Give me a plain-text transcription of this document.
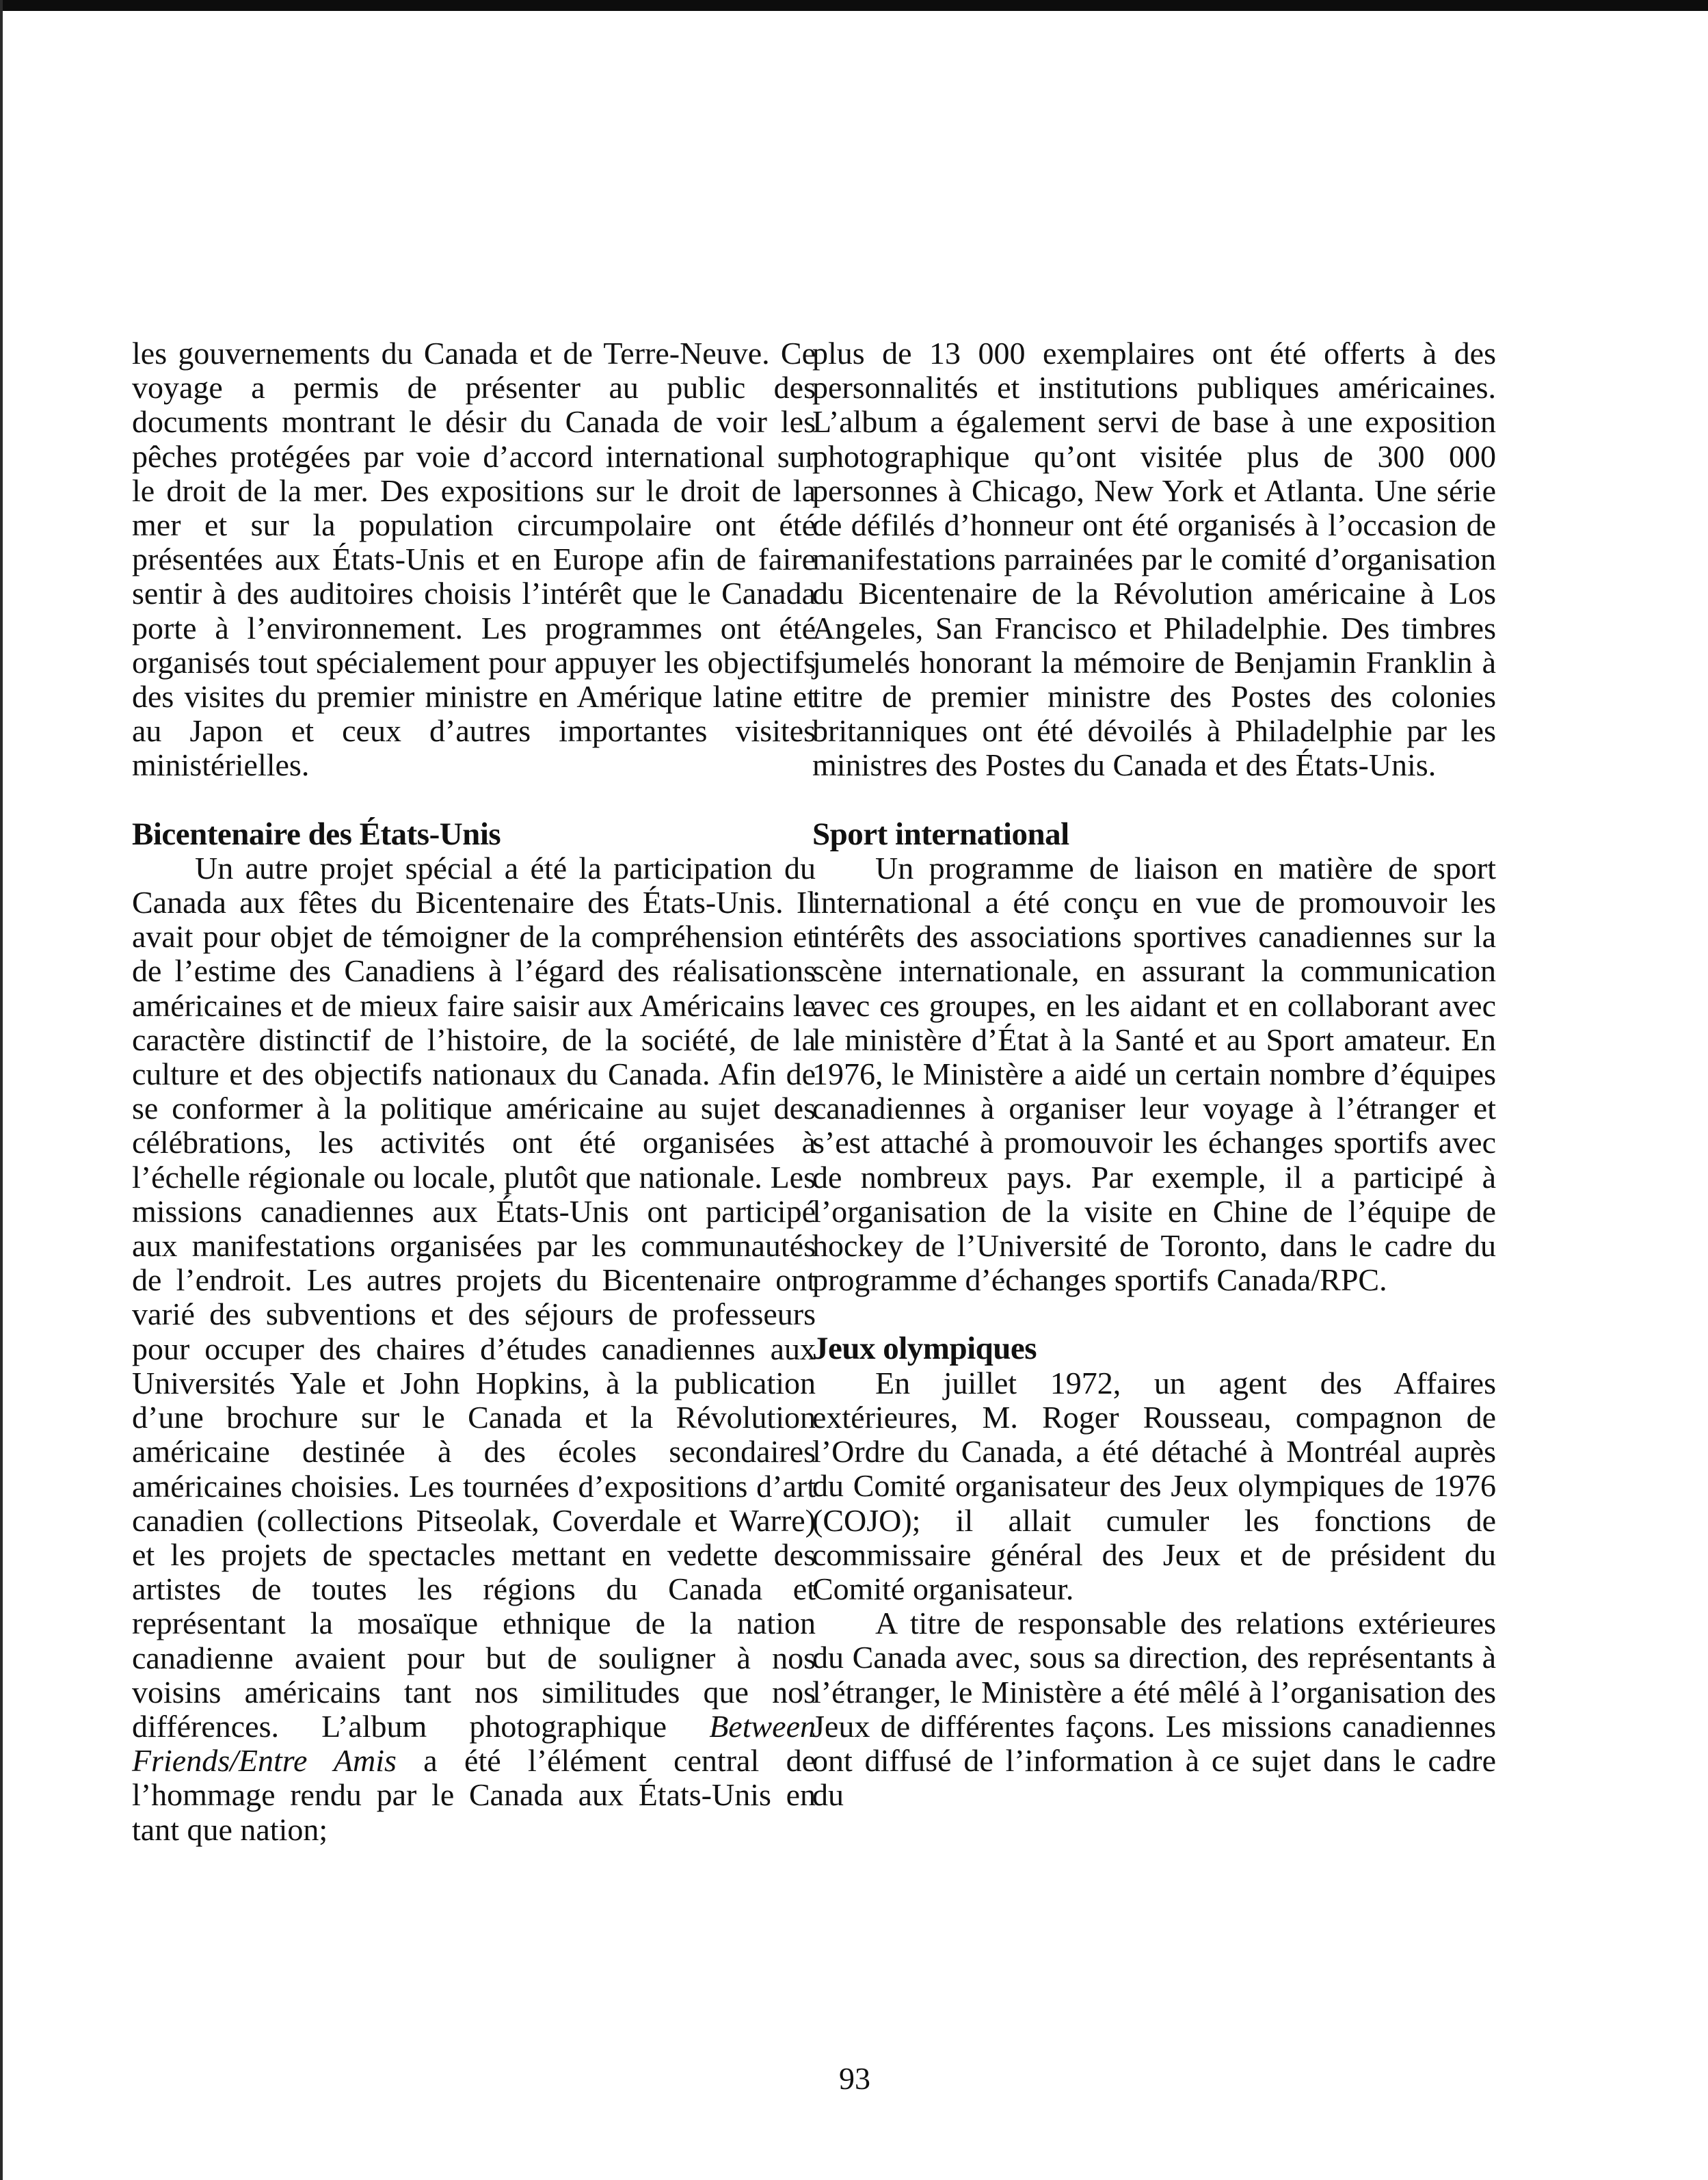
les gouvernements du Canada et de Terre-Neuve. Ce voyage a permis de présenter au public des documents montrant le désir du Canada de voir les pêches protégées par voie d’accord international sur le droit de la mer. Des expositions sur le droit de la mer et sur la population circumpolaire ont été présentées aux États-Unis et en Europe afin de faire sentir à des auditoires choisis l’intérêt que le Canada porte à l’environnement. Les programmes ont été organisés tout spécialement pour appuyer les objectifs des visites du premier ministre en Amérique latine et au Japon et ceux d’autres importantes visites ministérielles.

Bicentenaire des États-Unis

Un autre projet spécial a été la participation du Canada aux fêtes du Bicentenaire des États-Unis. Il avait pour objet de témoigner de la compréhension et de l’estime des Canadiens à l’égard des réalisations américaines et de mieux faire saisir aux Américains le caractère distinctif de l’histoire, de la société, de la culture et des objectifs nationaux du Canada. Afin de se conformer à la politique américaine au sujet des célébrations, les activités ont été organisées à l’échelle régionale ou locale, plutôt que nationale. Les missions canadiennes aux États-Unis ont participé aux manifestations organisées par les communautés de l’endroit. Les autres projets du Bicentenaire ont varié des subventions et des séjours de professeurs pour occuper des chaires d’études canadiennes aux Universités Yale et John Hopkins, à la publication d’une brochure sur le Canada et la Révolution américaine destinée à des écoles secondaires américaines choisies. Les tournées d’expositions d’art canadien (collections Pitseolak, Coverdale et Warre) et les projets de spectacles mettant en vedette des artistes de toutes les régions du Canada et représentant la mosaïque ethnique de la nation canadienne avaient pour but de souligner à nos voisins américains tant nos similitudes que nos différences. L’album photographique Between Friends/Entre Amis a été l’élément central de l’hommage rendu par le Canada aux États-Unis en tant que nation;

plus de 13 000 exemplaires ont été offerts à des personnalités et institutions publiques américaines. L’album a également servi de base à une exposition photographique qu’ont visitée plus de 300 000 personnes à Chicago, New York et Atlanta. Une série de défilés d’honneur ont été organisés à l’occasion de manifestations parrainées par le comité d’organisation du Bicentenaire de la Révolution américaine à Los Angeles, San Francisco et Philadelphie. Des timbres jumelés honorant la mémoire de Benjamin Franklin à titre de premier ministre des Postes des colonies britanniques ont été dévoilés à Philadelphie par les ministres des Postes du Canada et des États-Unis.

Sport international

Un programme de liaison en matière de sport international a été conçu en vue de promouvoir les intérêts des associations sportives canadiennes sur la scène internationale, en assurant la communication avec ces groupes, en les aidant et en collaborant avec le ministère d’État à la Santé et au Sport amateur. En 1976, le Ministère a aidé un certain nombre d’équipes canadiennes à organiser leur voyage à l’étranger et s’est attaché à promouvoir les échanges sportifs avec de nombreux pays. Par exemple, il a participé à l’organisation de la visite en Chine de l’équipe de hockey de l’Université de Toronto, dans le cadre du programme d’échanges sportifs Canada/RPC.

Jeux olympiques

En juillet 1972, un agent des Affaires extérieures, M. Roger Rousseau, compagnon de l’Ordre du Canada, a été détaché à Montréal auprès du Comité organisateur des Jeux olympiques de 1976 (COJO); il allait cumuler les fonctions de commissaire général des Jeux et de président du Comité organisateur.

A titre de responsable des relations extérieures du Canada avec, sous sa direction, des représentants à l’étranger, le Ministère a été mêlé à l’organisation des Jeux de différentes façons. Les missions canadiennes ont diffusé de l’information à ce sujet dans le cadre du

93
